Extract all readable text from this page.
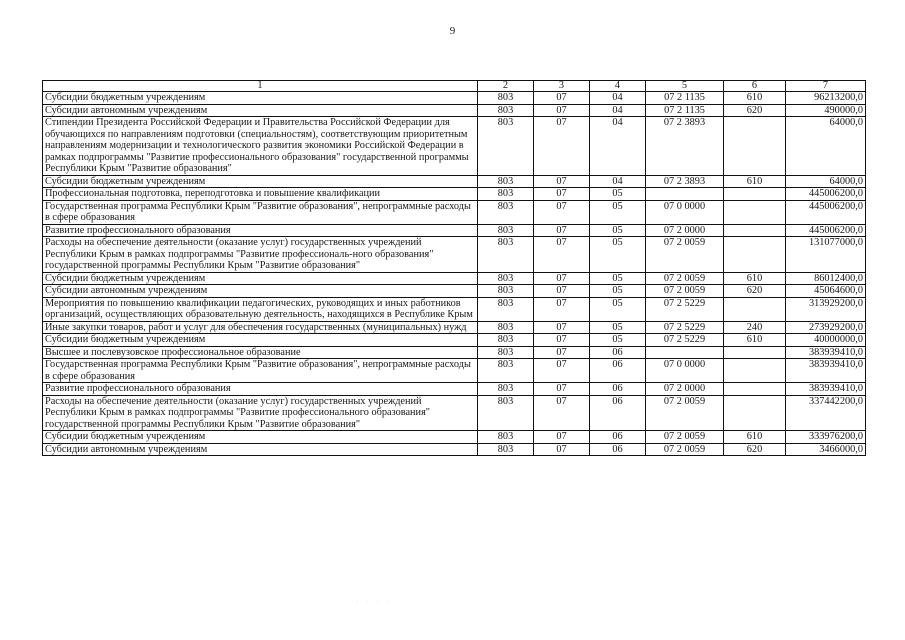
9
1	2	3	4	5	6	7
Субсидии бюджетным учреждениям	803	07	04	07 2 1135	610	96213200,0
Субсидии автономным учреждениям	803	07	04	07 2 1135	620	490000,0
Стипендии Президента Российской Федерации и Правительства Российской Федерации для обучающихся по направлениям подготовки (специальностям), соответствующим приоритетным направлениям модернизации и технологического развития экономики Российской Федерации в рамках подпрограммы "Развитие профессионального образования" государственной программы Республики Крым "Развитие образования"	803	07	04	07 2 3893		64000,0
Субсидии бюджетным учреждениям	803	07	04	07 2 3893	610	64000,0
Профессиональная подготовка, переподготовка и повышение квалификации	803	07	05			445006200,0
Государственная программа Республики Крым "Развитие образования", непрограммные расходы в сфере образования	803	07	05	07 0 0000		445006200,0
Развитие профессионального образования	803	07	05	07 2 0000		445006200,0
Расходы на обеспечение деятельности (оказание услуг) государственных учреждений Республики Крым в рамках подпрограммы "Развитие профессиональ-ного образования" государственной программы Республики Крым "Развитие образования"	803	07	05	07 2 0059		131077000,0
Субсидии бюджетным учреждениям	803	07	05	07 2 0059	610	86012400,0
Субсидии автономным учреждениям	803	07	05	07 2 0059	620	45064600,0
Мероприятия по повышению квалификации педагогических, руководящих и иных работников организаций, осуществляющих образовательную деятельность, находящихся в Республике Крым	803	07	05	07 2 5229		313929200,0
Иные закупки товаров, работ и услуг для обеспечения государственных (муниципальных) нужд	803	07	05	07 2 5229	240	273929200,0
Субсидии бюджетным учреждениям	803	07	05	07 2 5229	610	40000000,0
Высшее и послевузовское профессиональное образование	803	07	06			383939410,0
Государственная программа Республики Крым "Развитие образования", непрограммные расходы в сфере образования	803	07	06	07 0 0000		383939410,0
Развитие профессионального образования	803	07	06	07 2 0000		383939410,0
Расходы на обеспечение деятельности (оказание услуг) государственных учреждений Республики Крым в рамках подпрограммы "Развитие профессионального образования" государственной программы Республики Крым "Развитие образования"	803	07	06	07 2 0059		337442200,0
Субсидии бюджетным учреждениям	803	07	06	07 2 0059	610	333976200,0
Субсидии автономным учреждениям	803	07	06	07 2 0059	620	3466000,0
· · · ·
